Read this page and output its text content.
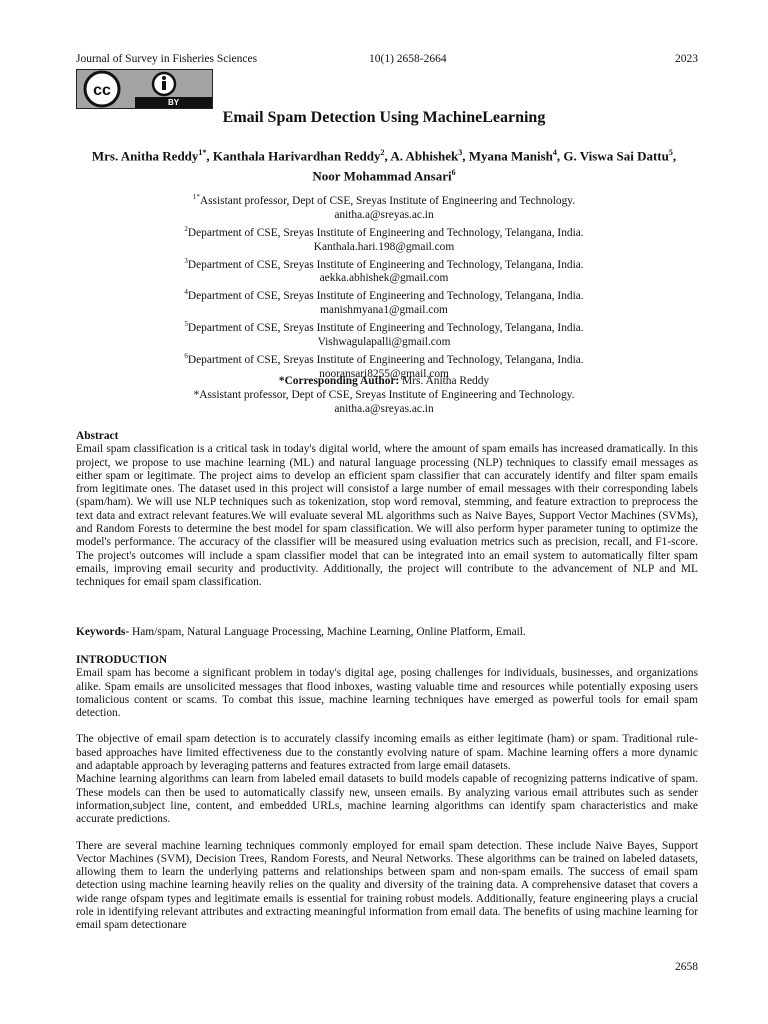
Journal of Survey in Fisheries Sciences	10(1) 2658-2664	2023
cc
BY
Email Spam Detection Using MachineLearning
Mrs. Anitha Reddy$^{1*}$, Kanthala Harivardhan Reddy$^2$, A. Abhishek$^3$, Myana Manish$^4$, G. Viswa Sai Dattu$^5$, Noor Mohammad Ansari$^6$
$^{1*}$Assistant professor, Dept of CSE, Sreyas Institute of Engineering and Technology.
anitha.a@sreyas.ac.in
$^2$Department of CSE, Sreyas Institute of Engineering and Technology, Telangana, India.
Kanthala.hari.198@gmail.com
$^3$Department of CSE, Sreyas Institute of Engineering and Technology, Telangana, India.
aekka.abhishek@gmail.com
$^4$Department of CSE, Sreyas Institute of Engineering and Technology, Telangana, India.
manishmyana1@gmail.com
$^5$Department of CSE, Sreyas Institute of Engineering and Technology, Telangana, India.
Vishwagulapalli@gmail.com
$^6$Department of CSE, Sreyas Institute of Engineering and Technology, Telangana, India.
nooransari8255@gmail.com
*Corresponding Author: Mrs. Anitha Reddy
*Assistant professor, Dept of CSE, Sreyas Institute of Engineering and Technology.
anitha.a@sreyas.ac.in
Abstract
Email spam classification is a critical task in today's digital world, where the amount of spam emails has increased dramatically. In this project, we propose to use machine learning (ML) and natural language processing (NLP) techniques to classify email messages as either spam or legitimate. The project aims to develop an efficient spam classifier that can accurately identify and filter spam emails from legitimate ones. The dataset used in this project will consistof a large number of email messages with their corresponding labels (spam/ham). We will use NLP techniques such as tokenization, stop word removal, stemming, and feature extraction to preprocess the text data and extract relevant features.We will evaluate several ML algorithms such as Naive Bayes, Support Vector Machines (SVMs), and Random Forests to determine the best model for spam classification. We will also perform hyper parameter tuning to optimize the model's performance. The accuracy of the classifier will be measured using evaluation metrics such as precision, recall, and F1-score. The project's outcomes will include a spam classifier model that can be integrated into an email system to automatically filter spam emails, improving email security and productivity. Additionally, the project will contribute to the advancement of NLP and ML techniques for email spam classification.
Keywords- Ham/spam, Natural Language Processing, Machine Learning, Online Platform, Email.
INTRODUCTION
Email spam has become a significant problem in today's digital age, posing challenges for individuals, businesses, and organizations alike. Spam emails are unsolicited messages that flood inboxes, wasting valuable time and resources while potentially exposing users tomalicious content or scams. To combat this issue, machine learning techniques have emerged as powerful tools for email spam detection.
The objective of email spam detection is to accurately classify incoming emails as either legitimate (ham) or spam. Traditional rule-based approaches have limited effectiveness due to the constantly evolving nature of spam. Machine learning offers a more dynamic and adaptable approach by leveraging patterns and features extracted from large email datasets.
Machine learning algorithms can learn from labeled email datasets to build models capable of recognizing patterns indicative of spam. These models can then be used to automatically classify new, unseen emails. By analyzing various email attributes such as sender information,subject line, content, and embedded URLs, machine learning algorithms can identify spam characteristics and make accurate predictions.
There are several machine learning techniques commonly employed for email spam detection. These include Naive Bayes, Support Vector Machines (SVM), Decision Trees, Random Forests, and Neural Networks. These algorithms can be trained on labeled datasets, allowing them to learn the underlying patterns and relationships between spam and non-spam emails. The success of email spam detection using machine learning heavily relies on the quality and diversity of the training data. A comprehensive dataset that covers a wide range ofspam types and legitimate emails is essential for training robust models. Additionally, feature engineering plays a crucial role in identifying relevant attributes and extracting meaningful information from email data. The benefits of using machine learning for email spam detectionare
2658
